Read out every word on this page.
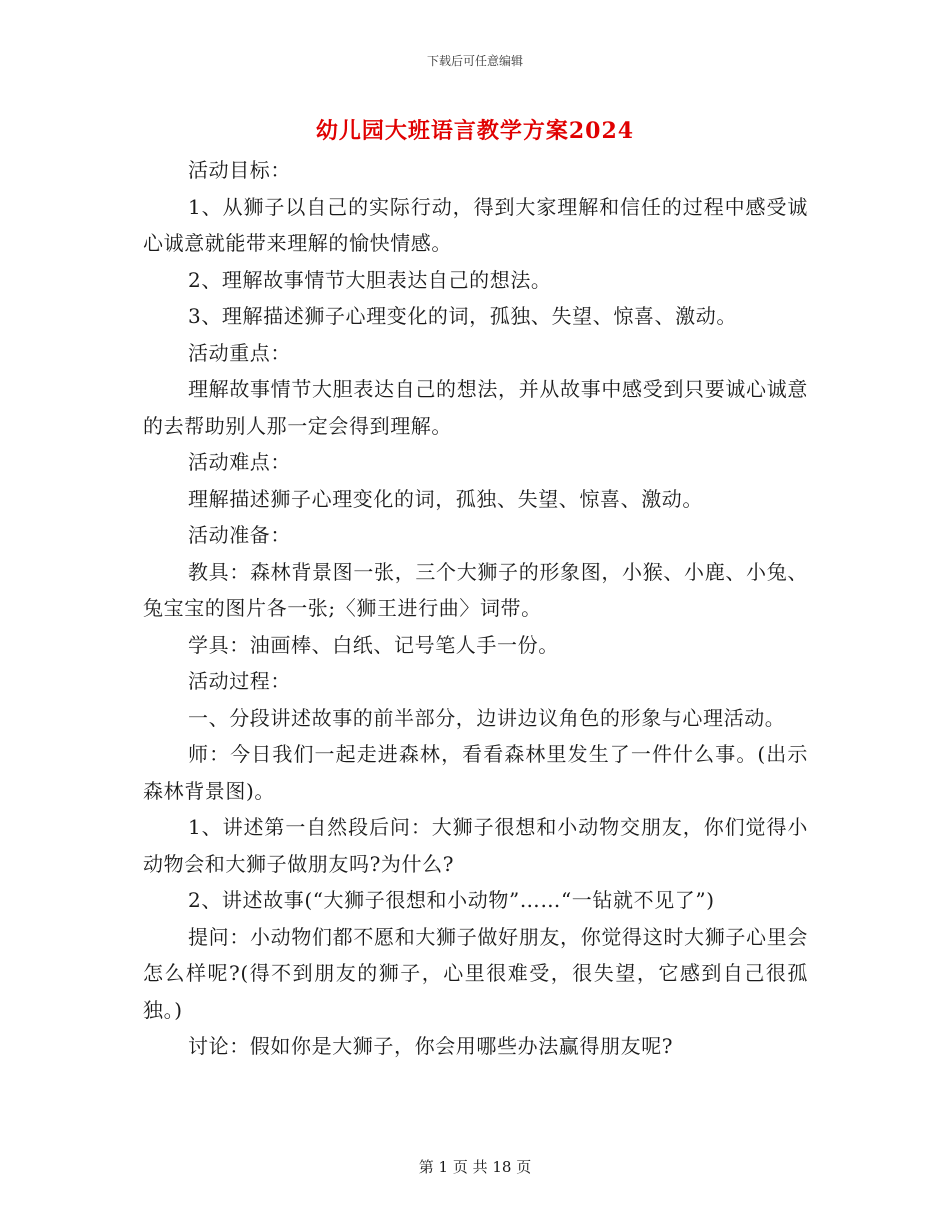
下载后可任意编辑
幼儿园大班语言教学方案2024

活动目标：

1、从狮子以自己的实际行动，得到大家理解和信任的过程中感受诚心诚意就能带来理解的愉快情感。

2、理解故事情节大胆表达自己的想法。

3、理解描述狮子心理变化的词，孤独、失望、惊喜、激动。

活动重点：

理解故事情节大胆表达自己的想法，并从故事中感受到只要诚心诚意的去帮助别人那一定会得到理解。

活动难点：

理解描述狮子心理变化的词，孤独、失望、惊喜、激动。

活动准备：

教具：森林背景图一张，三个大狮子的形象图，小猴、小鹿、小兔、兔宝宝的图片各一张;〈狮王进行曲〉词带。

学具：油画棒、白纸、记号笔人手一份。

活动过程：

一、分段讲述故事的前半部分，边讲边议角色的形象与心理活动。

师：今日我们一起走进森林，看看森林里发生了一件什么事。(出示森林背景图)。

1、讲述第一自然段后问：大狮子很想和小动物交朋友，你们觉得小动物会和大狮子做朋友吗?为什么?

2、讲述故事(“大狮子很想和小动物”……“一钻就不见了”)

提问：小动物们都不愿和大狮子做好朋友，你觉得这时大狮子心里会怎么样呢?(得不到朋友的狮子，心里很难受，很失望，它感到自己很孤独。)

讨论：假如你是大狮子，你会用哪些办法赢得朋友呢?

第 1 页 共 18 页
